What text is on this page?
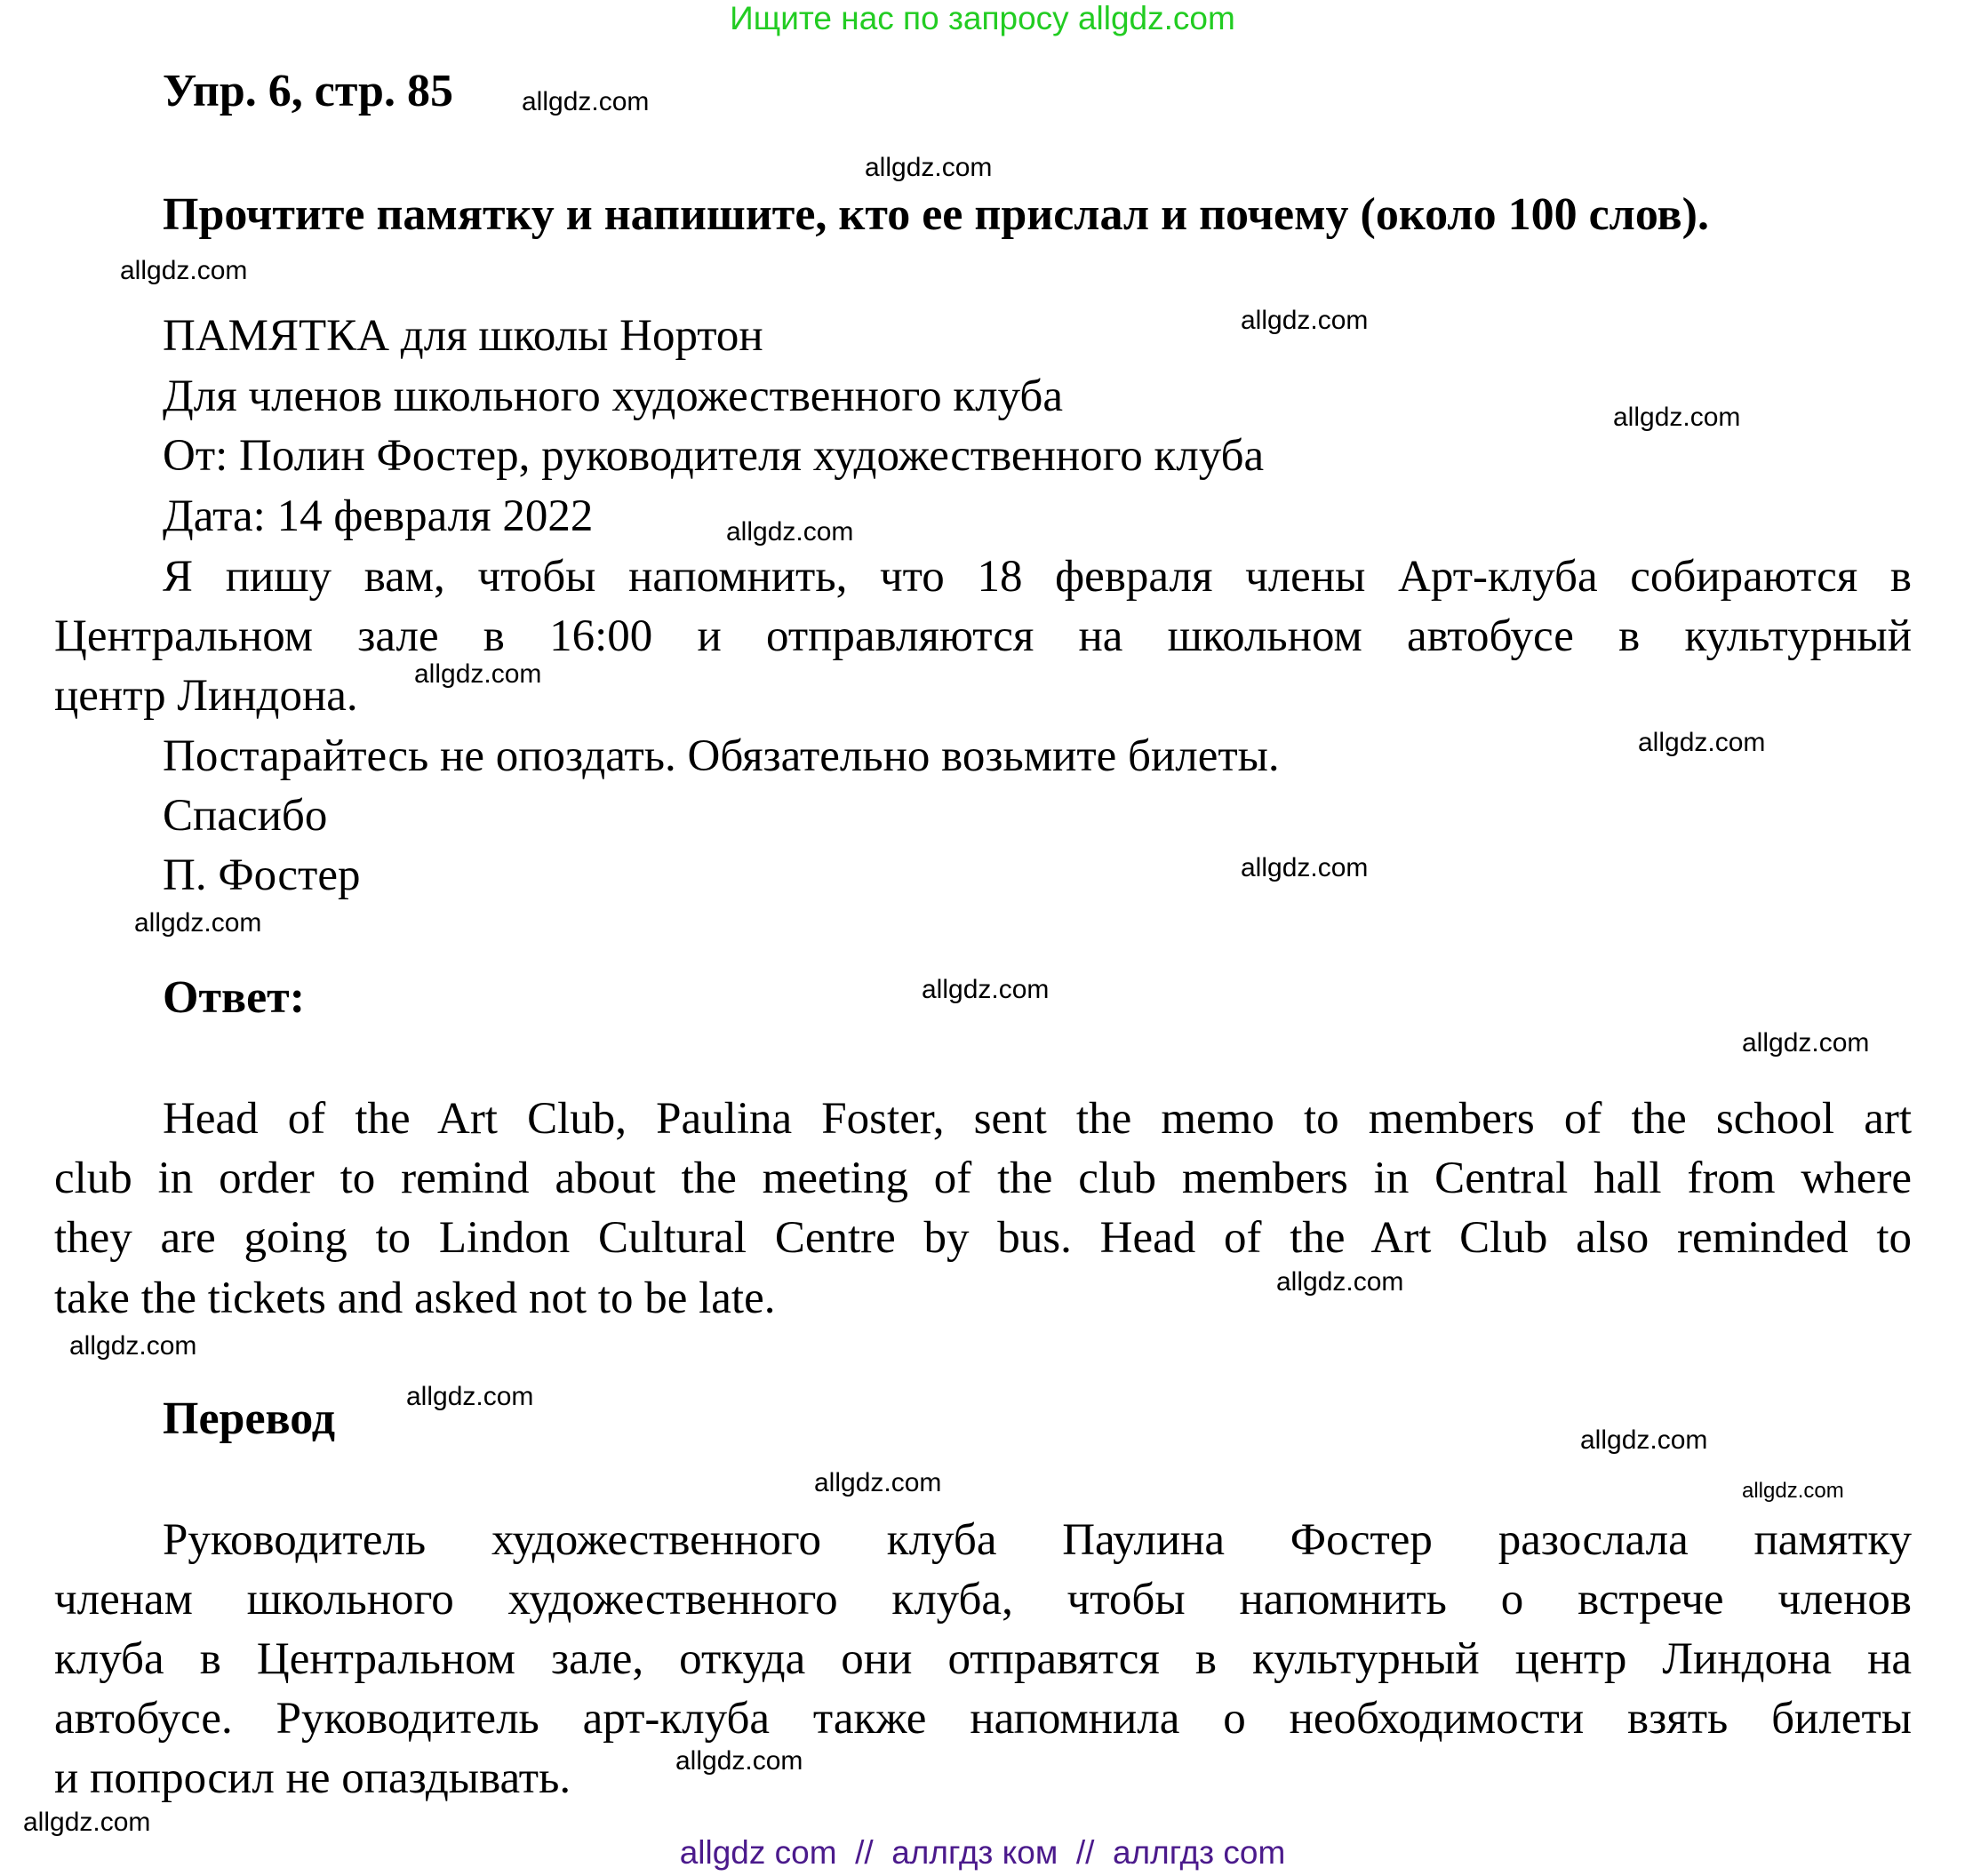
Ищите нас по запросу allgdz.com
Упр. 6, стр. 85
Прочтите памятку и напишите, кто ее прислал и почему (около 100 слов).
ПАМЯТКА для школы Нортон
Для членов школьного художественного клуба
От: Полин Фостер, руководителя художественного клуба
Дата: 14 февраля 2022
Я пишу вам, чтобы напомнить, что 18 февраля члены Арт-клуба собираются в
Центральном зале в 16:00 и отправляются на школьном автобусе в культурный
центр Линдона.
Постарайтесь не опоздать. Обязательно возьмите билеты.
Спасибо
П. Фостер
Ответ:
Head of the Art Club, Paulina Foster, sent the memo to members of the school art
club in order to remind about the meeting of the club members in Central hall from where
they are going to Lindon Cultural Centre by bus. Head of the Art Club also reminded to
take the tickets and asked not to be late.
Перевод
Руководитель художественного клуба Паулина Фостер разослала памятку
членам школьного художественного клуба, чтобы напомнить о встрече членов
клуба в Центральном зале, откуда они отправятся в культурный центр Линдона на
автобусе. Руководитель арт-клуба также напомнила о необходимости взять билеты
и попросил не опаздывать.
allgdz.com
allgdz.com
allgdz.com
allgdz.com
allgdz.com
allgdz.com
allgdz.com
allgdz.com
allgdz.com
allgdz.com
allgdz.com
allgdz.com
allgdz.com
allgdz.com
allgdz.com
allgdz.com
allgdz.com	allgdz.com
allgdz.com
allgdz.com
allgdz com  //  аллгдз ком  //  аллгдз com
